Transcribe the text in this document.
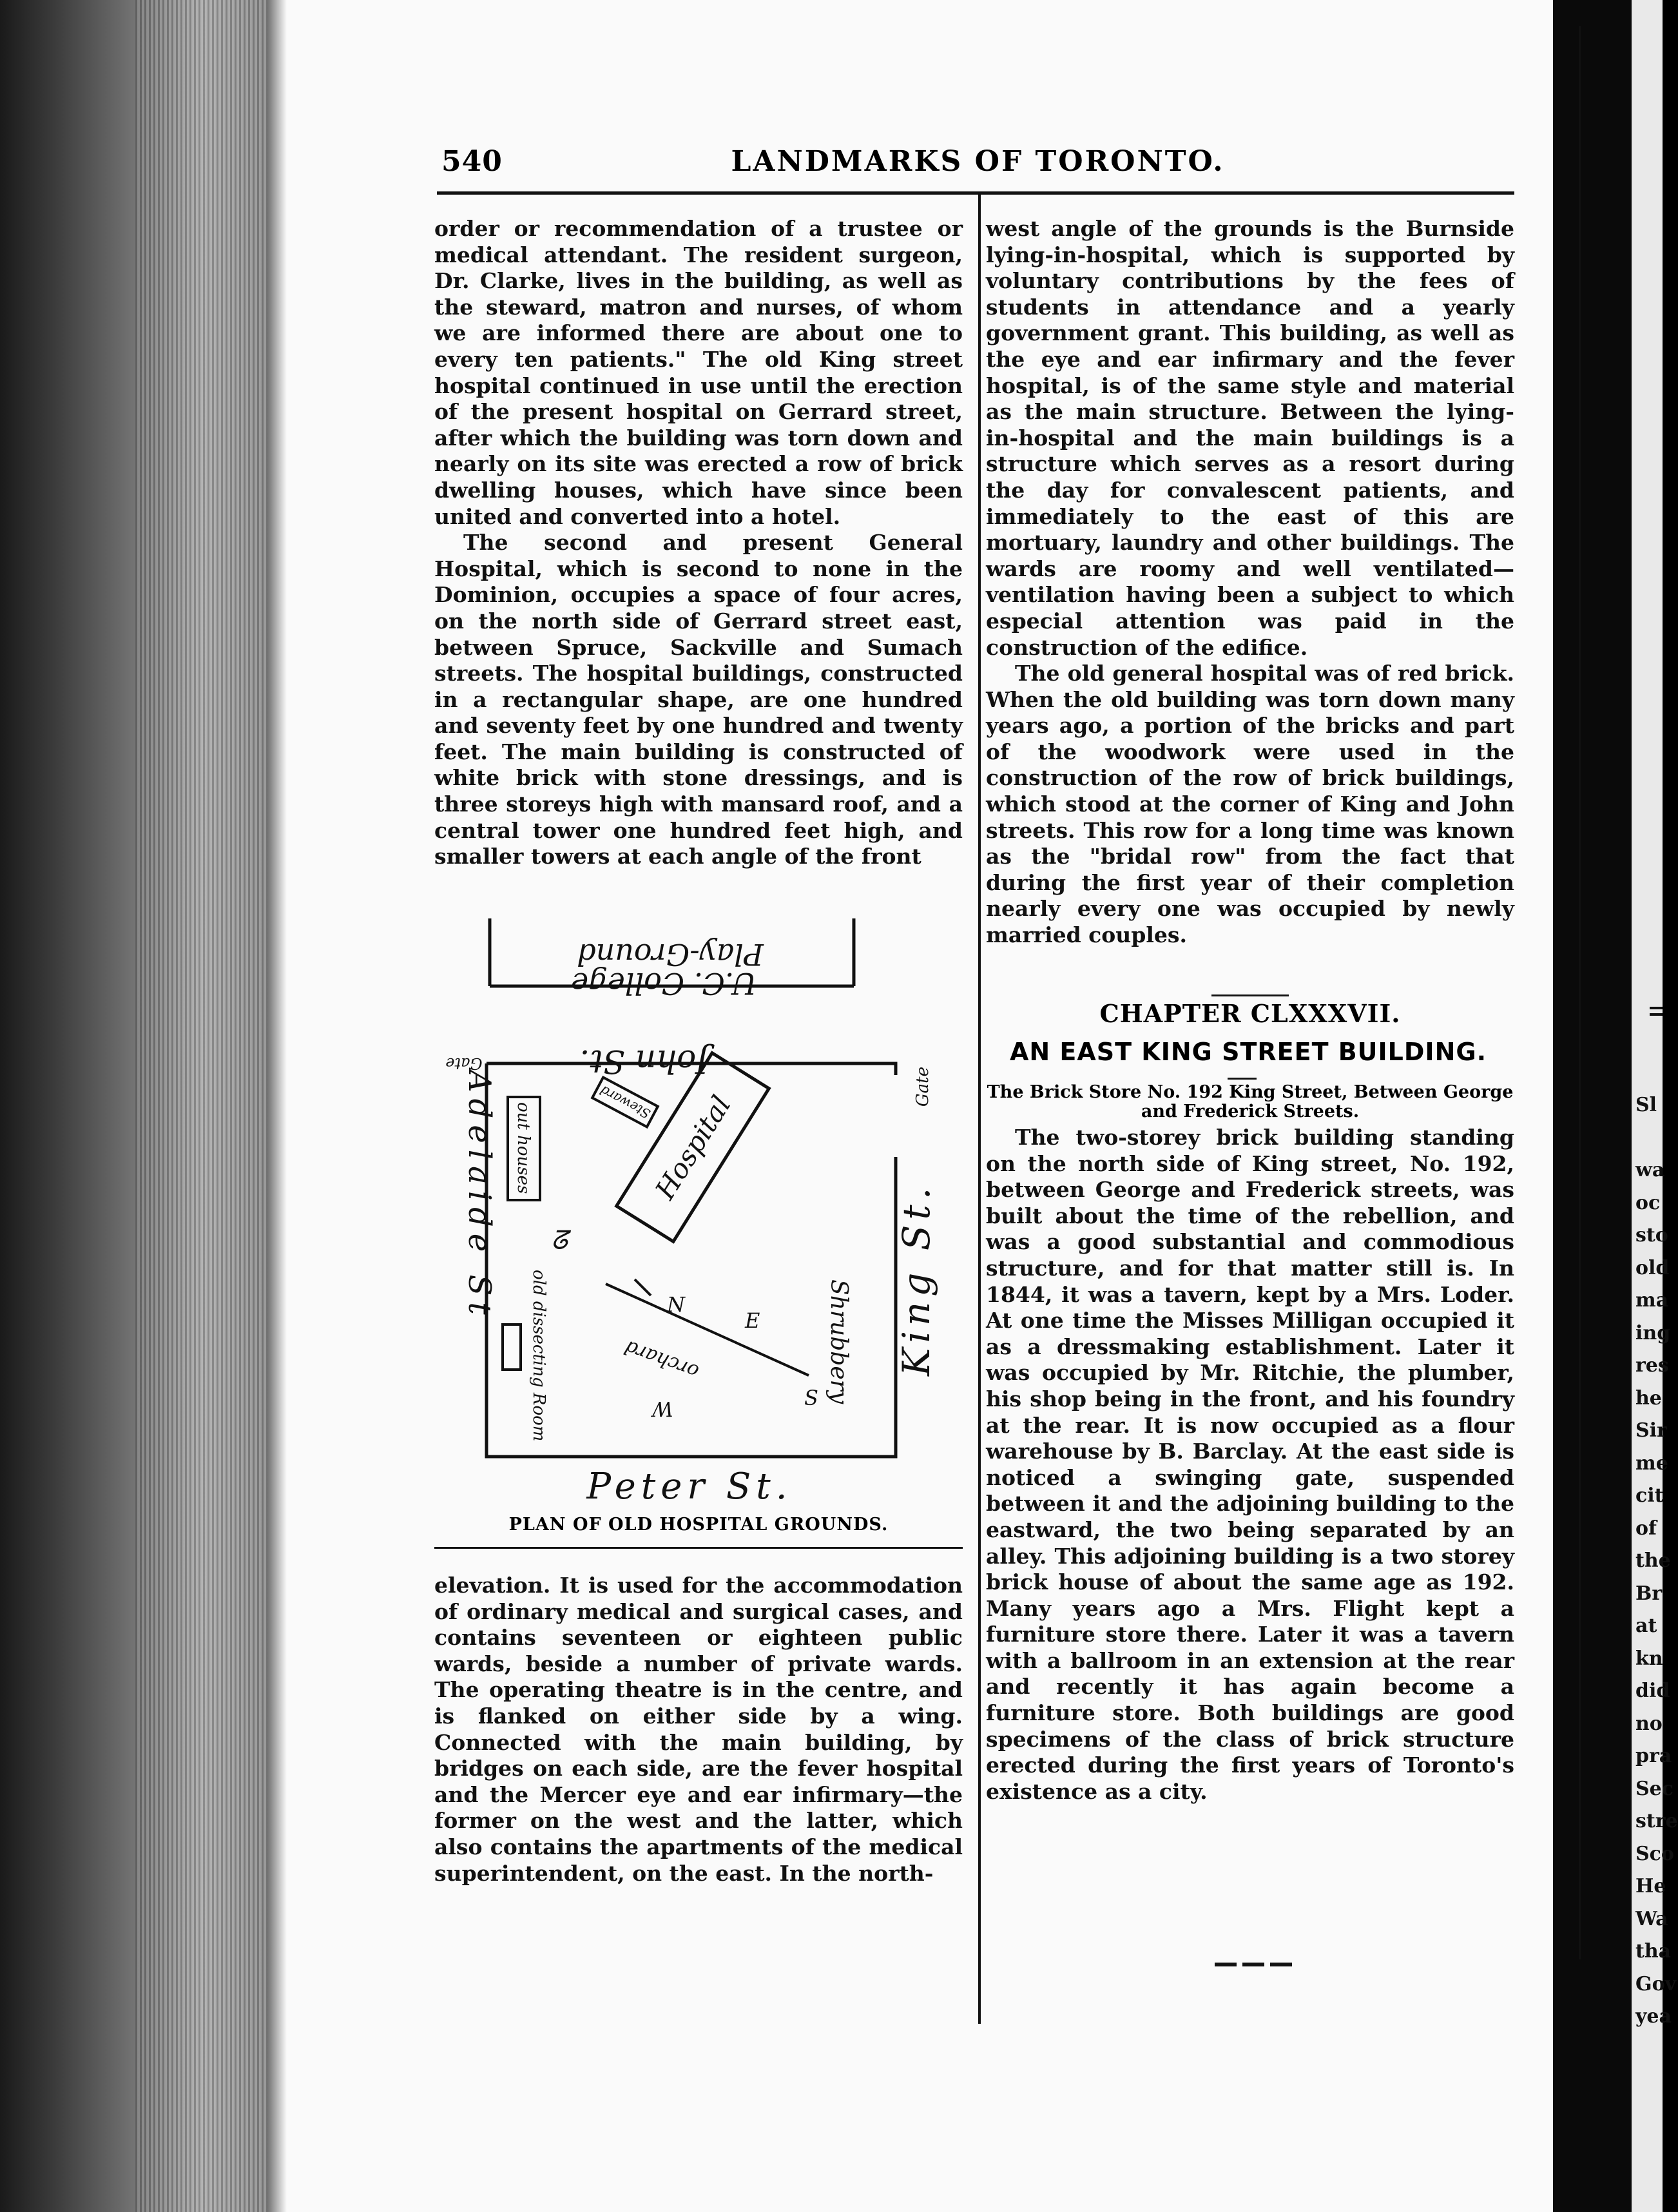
540	LANDMARKS OF TORONTO.

order or recommendation of a trustee or medical attendant. The resident surgeon, Dr. Clarke, lives in the building, as well as the steward, matron and nurses, of whom we are informed there are about one to every ten patients." The old King street hospital continued in use until the erection of the present hospital on Gerrard street, after which the building was torn down and nearly on its site was erected a row of brick dwelling houses, which have since been united and converted into a hotel.

The second and present General Hospital, which is second to none in the Dominion, occupies a space of four acres, on the north side of Gerrard street east, between Spruce, Sackville and Sumach streets. The hospital buildings, constructed in a rectangular shape, are one hundred and seventy feet by one hundred and twenty feet. The main building is constructed of white brick with stone dressings, and is three storeys high with mansard roof, and a central tower one hundred feet high, and smaller towers at each angle of the front

Play-Ground
U.C. College
John St.
Gate
Gate
Adelaide St	King St.
Peter St.
out houses	Steward
Hospital
ᘔ
old dissecting Room	orchard
N
E
S
W
Shrubbery
PLAN OF OLD HOSPITAL GROUNDS.

elevation. It is used for the accommodation of ordinary medical and surgical cases, and contains seventeen or eighteen public wards, beside a number of private wards. The operating theatre is in the centre, and is flanked on either side by a wing. Connected with the main building, by bridges on each side, are the fever hospital and the Mercer eye and ear infirmary—the former on the west and the latter, which also contains the apartments of the medical superintendent, on the east. In the north-

west angle of the grounds is the Burnside lying-in-hospital, which is supported by voluntary contributions by the fees of students in attendance and a yearly government grant. This building, as well as the eye and ear infirmary and the fever hospital, is of the same style and material as the main structure. Between the lying-in-hospital and the main buildings is a structure which serves as a resort during the day for convalescent patients, and immediately to the east of this are mortuary, laundry and other buildings. The wards are roomy and well ventilated—ventilation having been a subject to which especial attention was paid in the construction of the edifice.

The old general hospital was of red brick. When the old building was torn down many years ago, a portion of the bricks and part of the woodwork were used in the construction of the row of brick buildings, which stood at the corner of King and John streets. This row for a long time was known as the "bridal row" from the fact that during the first year of their completion nearly every one was occupied by newly married couples.

CHAPTER CLXXXVII.
AN EAST KING STREET BUILDING.
The Brick Store No. 192 King Street, Between George and Frederick Streets.

The two-storey brick building standing on the north side of King street, No. 192, between George and Frederick streets, was built about the time of the rebellion, and was a good substantial and commodious structure, and for that matter still is. In 1844, it was a tavern, kept by a Mrs. Loder. At one time the Misses Milligan occupied it as a dressmaking establishment. Later it was occupied by Mr. Ritchie, the plumber, his shop being in the front, and his foundry at the rear. It is now occupied as a flour warehouse by B. Barclay. At the east side is noticed a swinging gate, suspended between it and the adjoining building to the eastward, the two being separated by an alley. This adjoining building is a two storey brick house of about the same age as 192. Many years ago a Mrs. Flight kept a furniture store there. Later it was a tavern with a ballroom in an extension at the rear and recently it has again become a furniture store. Both buildings are good specimens of the class of brick structure erected during the first years of Toronto's existence as a city.

Sl

wa
oc
sto
old
ma
ing
res
he
Sir
me
cit
of
the
Br
at
kn
did
no
pra
Sec
stre
Sco
He
Wa
tha
Gov
yea
